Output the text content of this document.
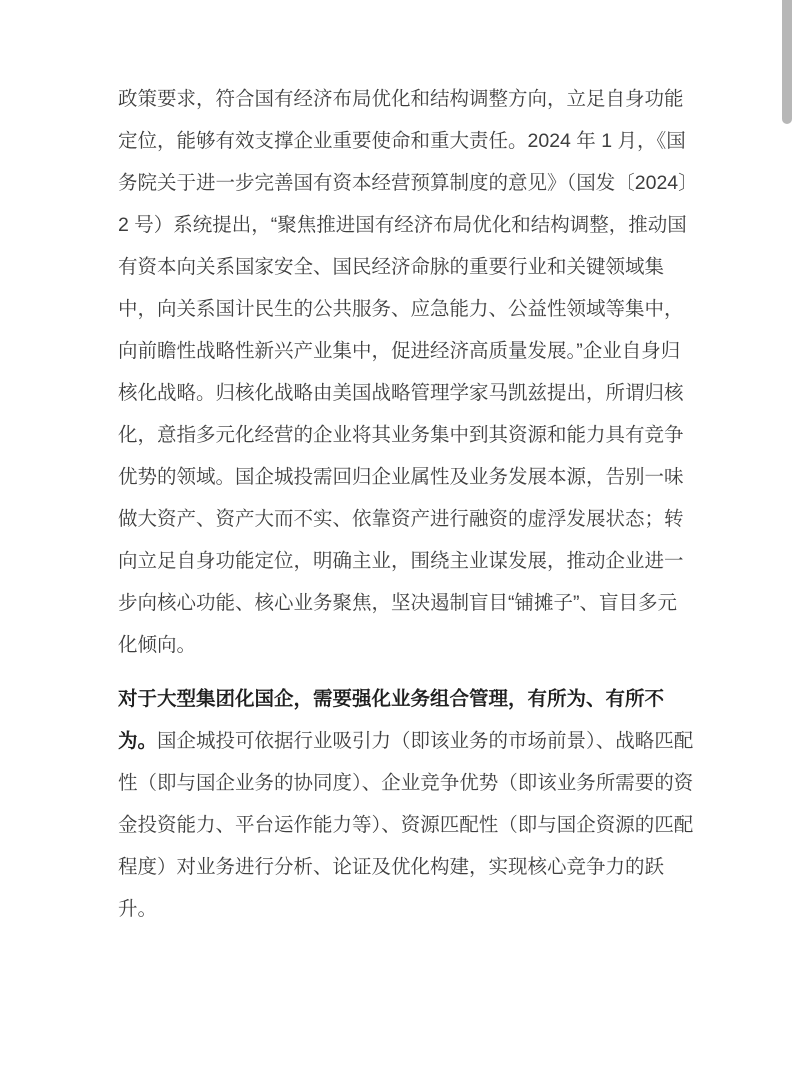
政策要求，符合国有经济布局优化和结构调整方向，立足自身功能
定位，能够有效支撑企业重要使命和重大责任。2024 年 1 月，《国
务院关于进一步完善国有资本经营预算制度的意见》（国发〔2024〕
2 号）系统提出，“聚焦推进国有经济布局优化和结构调整，推动国
有资本向关系国家安全、国民经济命脉的重要行业和关键领域集
中，向关系国计民生的公共服务、应急能力、公益性领域等集中，
向前瞻性战略性新兴产业集中，促进经济高质量发展。”企业自身归
核化战略。归核化战略由美国战略管理学家马凯兹提出，所谓归核
化，意指多元化经营的企业将其业务集中到其资源和能力具有竞争
优势的领域。国企城投需回归企业属性及业务发展本源，告别一味
做大资产、资产大而不实、依靠资产进行融资的虚浮发展状态；转
向立足自身功能定位，明确主业，围绕主业谋发展，推动企业进一
步向核心功能、核心业务聚焦，坚决遏制盲目“铺摊子”、盲目多元
化倾向。
对于大型集团化国企，需要强化业务组合管理，有所为、有所不
为。国企城投可依据行业吸引力（即该业务的市场前景）、战略匹配
性（即与国企业务的协同度）、企业竞争优势（即该业务所需要的资
金投资能力、平台运作能力等）、资源匹配性（即与国企资源的匹配
程度）对业务进行分析、论证及优化构建，实现核心竞争力的跃
升。
